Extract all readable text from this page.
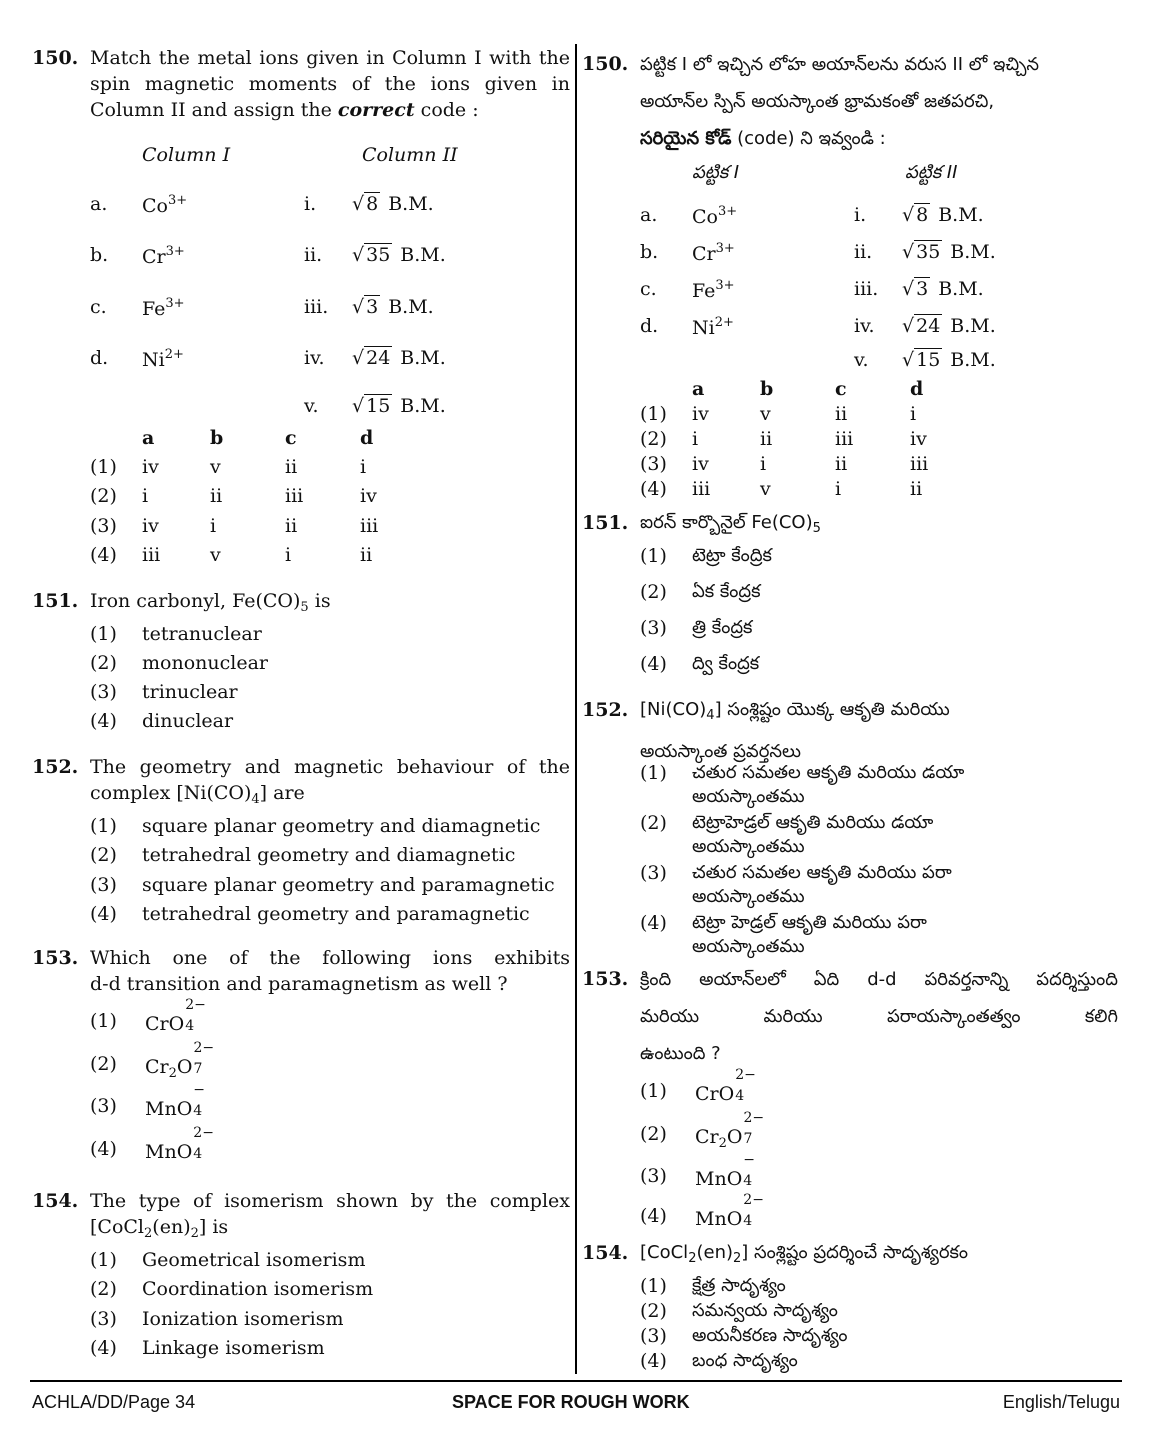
150. Match the metal ions given in Column I with the
spin magnetic moments of the ions given in
Column II and assign the correct code :
Column I	Column II
a. $Co^{3+}$	i. √ 8 B.M.
b. $Cr^{3+}$	ii. √ 35 B.M.
c. $Fe^{3+}$	iii. √ 3 B.M.
d. $Ni^{2+}$	iv. √ 24 B.M.
v. √ 15 B.M.
a	b	c	d
(1) iv	v	ii	i
(2) i	ii	iii	iv
(3) iv	i	ii	iii
(4) iii	v	i	ii
151. Iron carbonyl, $Fe(CO)_5$ is
(1) tetranuclear
(2) mononuclear
(3) trinuclear
(4) dinuclear
152. The geometry and magnetic behaviour of the
complex $[Ni(CO)_4]$ are
(1) square planar geometry and diamagnetic
(2) tetrahedral geometry and diamagnetic
(3) square planar geometry and paramagnetic
(4) tetrahedral geometry and paramagnetic
153. Which one of the following ions exhibits
d-d transition and paramagnetism as well ?
(1) CrO
2−
4
(2) $Cr_2O$
2−
7
(3) MnO
−
4
(4) MnO
2−
4
154. The type of isomerism shown by the complex
$[CoCl_2(en)_2]$ is
(1) Geometrical isomerism
(2) Coordination isomerism
(3) Ionization isomerism
(4) Linkage isomerism
150. పట్టిక I లో ఇచ్చిన లోహ అయాన్‌లను వరుస II లో ఇచ్చిన
అయాన్‌ల స్పిన్ అయస్కాంత భ్రామకంతో జతపరచి,
సరియైన కోడ్ (code) ని ఇవ్వండి :
పట్టిక I	పట్టిక II
a. $Co^{3+}$	i. √ 8 B.M.
b. $Cr^{3+}$	ii. √ 35 B.M.
c. $Fe^{3+}$	iii. √ 3 B.M.
d. $Ni^{2+}$	iv. √ 24 B.M.
v. √ 15 B.M.
a	b	c	d
(1) iv	v	ii	i
(2) i	ii	iii	iv
(3) iv	i	ii	iii
(4) iii	v	i	ii
151. ఐరన్ కార్బొనైల్ $Fe(CO)_5$
(1) టెట్రా కేంద్రిక
(2) ఏక కేంద్రక
(3) త్రి కేంద్రక
(4) ద్వి కేంద్రక
152. $[Ni(CO)_4]$ సంశ్లిష్టం యొక్క ఆకృతి మరియు
అయస్కాంత ప్రవర్తనలు
(1) చతుర సమతల ఆకృతి మరియు డయా
అయస్కాంతము
(2) టెట్రాహెడ్రల్ ఆకృతి మరియు డయా
అయస్కాంతము
(3) చతుర సమతల ఆకృతి మరియు పరా
అయస్కాంతము
(4) టెట్రా హెడ్రల్ ఆకృతి మరియు పరా
అయస్కాంతము
153. క్రింది అయాన్‌లలో ఏది d-d పరివర్తనాన్ని పదర్శిస్తుంది
మరియు మరియు పరాయస్కాంతత్వం కలిగి
ఉంటుంది ?
(1) CrO
2−
4
(2) $Cr_2O$
2−
7
(3) MnO
−
4
(4) MnO
2−
4
154. $[CoCl_2(en)_2]$ సంశ్లిష్టం ప్రదర్శించే సాదృశ్యరకం
(1) క్షేత్ర సాదృశ్యం
(2) సమన్వయ సాదృశ్యం
(3) అయనీకరణ సాదృశ్యం
(4) బంధ సాదృశ్యం
ACHLA/DD/Page 34	SPACE FOR ROUGH WORK	English/Telugu
